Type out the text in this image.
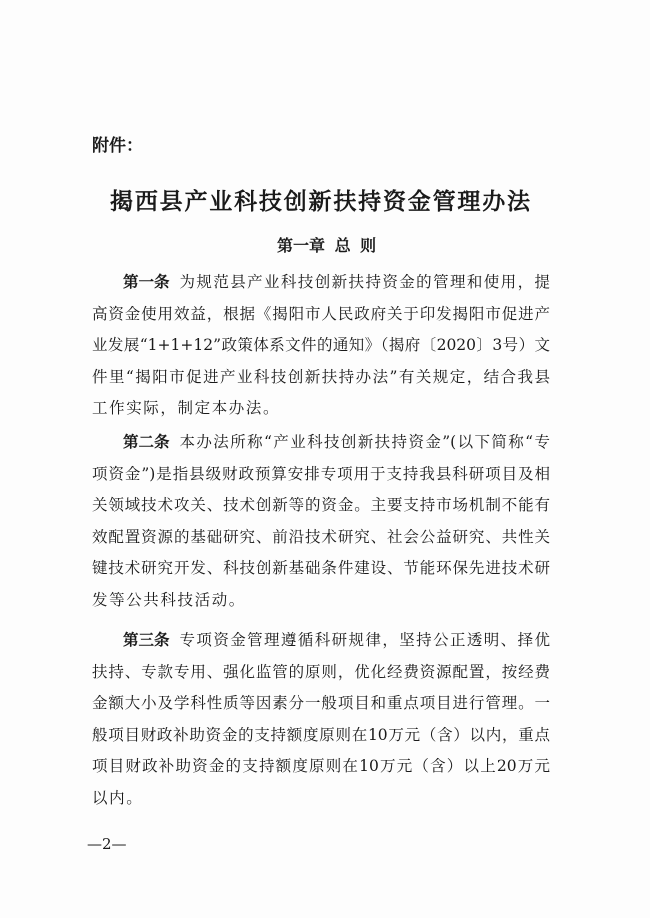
附件：
揭西县产业科技创新扶持资金管理办法
第一章 总 则
第一条 为规范县产业科技创新扶持资金的管理和使用，提
高资金使用效益，根据《揭阳市人民政府关于印发揭阳市促进产
业发展“1+1+12”政策体系文件的通知》（揭府〔2020〕3号）文
件里“揭阳市促进产业科技创新扶持办法”有关规定，结合我县
工作实际，制定本办法。
第二条 本办法所称“产业科技创新扶持资金”(以下简称“专
项资金”)是指县级财政预算安排专项用于支持我县科研项目及相
关领域技术攻关、技术创新等的资金。主要支持市场机制不能有
效配置资源的基础研究、前沿技术研究、社会公益研究、共性关
键技术研究开发、科技创新基础条件建设、节能环保先进技术研
发等公共科技活动。
第三条 专项资金管理遵循科研规律，坚持公正透明、择优
扶持、专款专用、强化监管的原则，优化经费资源配置，按经费
金额大小及学科性质等因素分一般项目和重点项目进行管理。一
般项目财政补助资金的支持额度原则在10万元（含）以内，重点
项目财政补助资金的支持额度原则在10万元（含）以上20万元
以内。
—2—
